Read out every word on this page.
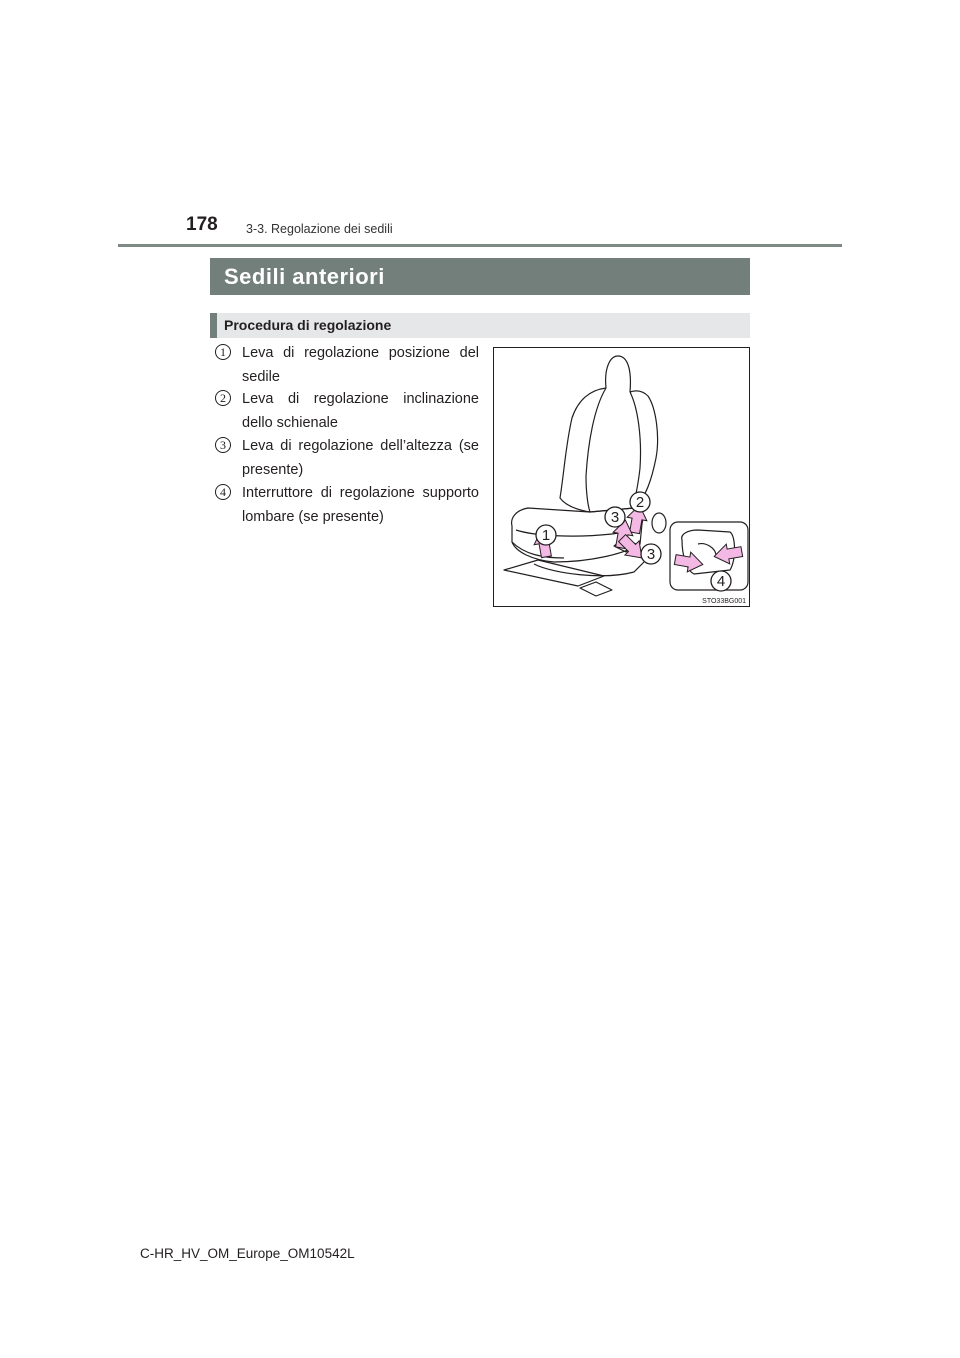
178 3-3. Regolazione dei sedili
Sedili anteriori
Procedura di regolazione
1	Leva di regolazione posizione del sedile
2	Leva di regolazione inclinazione dello schienale
3	Leva di regolazione dell’altezza (se presente)
4	Interruttore di regolazione supporto lombare (se presente)
1
2
3
3
4
STO33BG001
C-HR_HV_OM_Europe_OM10542L
